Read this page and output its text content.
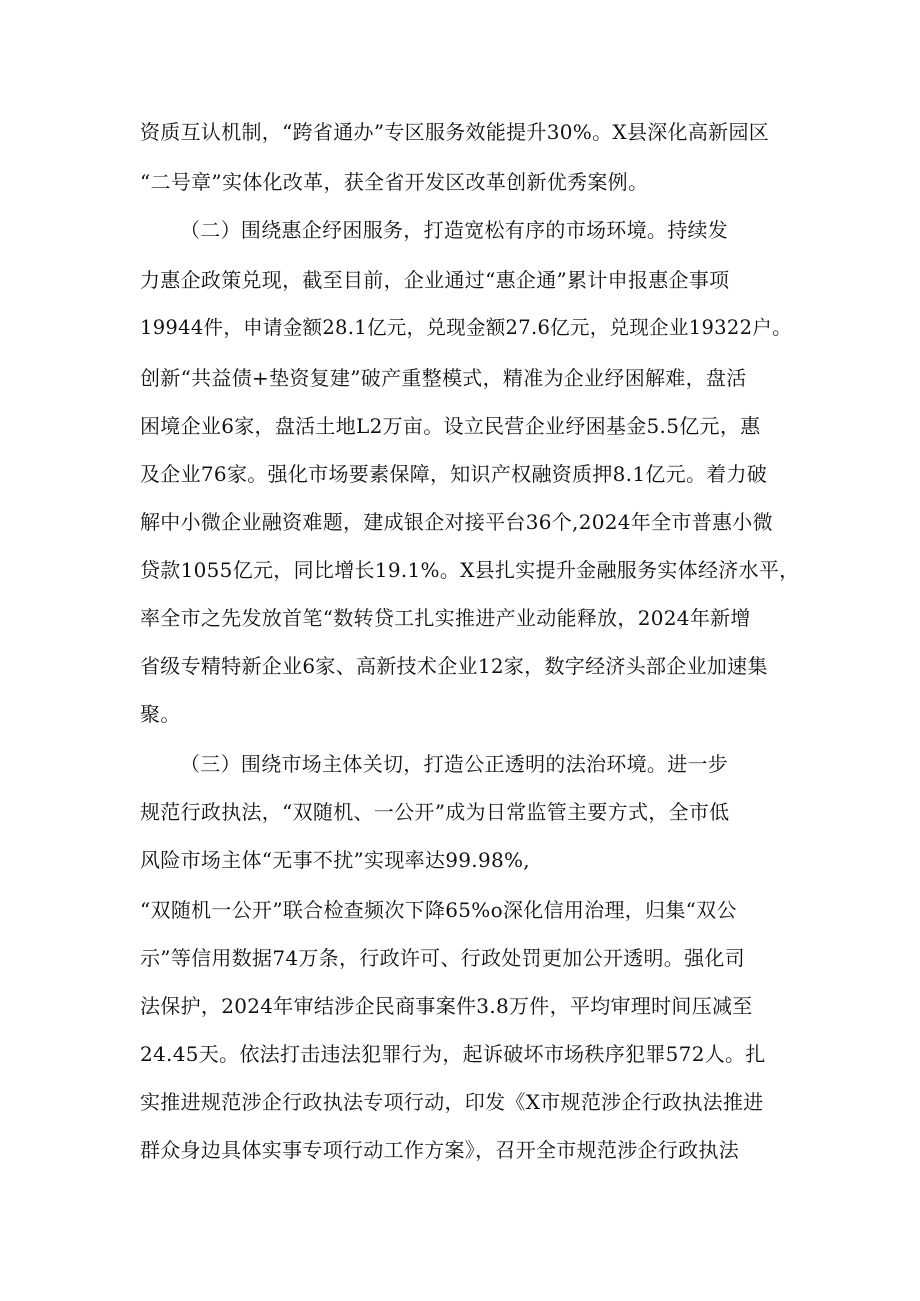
资质互认机制，“跨省通办”专区服务效能提升30%。X县深化高新园区
“二号章”实体化改革，获全省开发区改革创新优秀案例。
（二）围绕惠企纾困服务，打造宽松有序的市场环境。持续发
力惠企政策兑现，截至目前，企业通过“惠企通”累计申报惠企事项
19944件，申请金额28.1亿元，兑现金额27.6亿元，兑现企业19322户。
创新“共益债+垫资复建”破产重整模式，精准为企业纾困解难，盘活
困境企业6家，盘活土地L2万亩。设立民营企业纾困基金5.5亿元，惠
及企业76家。强化市场要素保障，知识产权融资质押8.1亿元。着力破
解中小微企业融资难题，建成银企对接平台36个,2024年全市普惠小微
贷款1055亿元，同比增长19.1%。X县扎实提升金融服务实体经济水平，
率全市之先发放首笔“数转贷工扎实推进产业动能释放，2024年新增
省级专精特新企业6家、高新技术企业12家，数字经济头部企业加速集
聚。
（三）围绕市场主体关切，打造公正透明的法治环境。进一步
规范行政执法，“双随机、一公开”成为日常监管主要方式，全市低
风险市场主体“无事不扰”实现率达99.98%,
“双随机一公开”联合检查频次下降65%o深化信用治理，归集“双公
示”等信用数据74万条，行政许可、行政处罚更加公开透明。强化司
法保护，2024年审结涉企民商事案件3.8万件，平均审理时间压减至
24.45天。依法打击违法犯罪行为，起诉破坏市场秩序犯罪572人。扎
实推进规范涉企行政执法专项行动，印发《X市规范涉企行政执法推进
群众身边具体实事专项行动工作方案》，召开全市规范涉企行政执法
